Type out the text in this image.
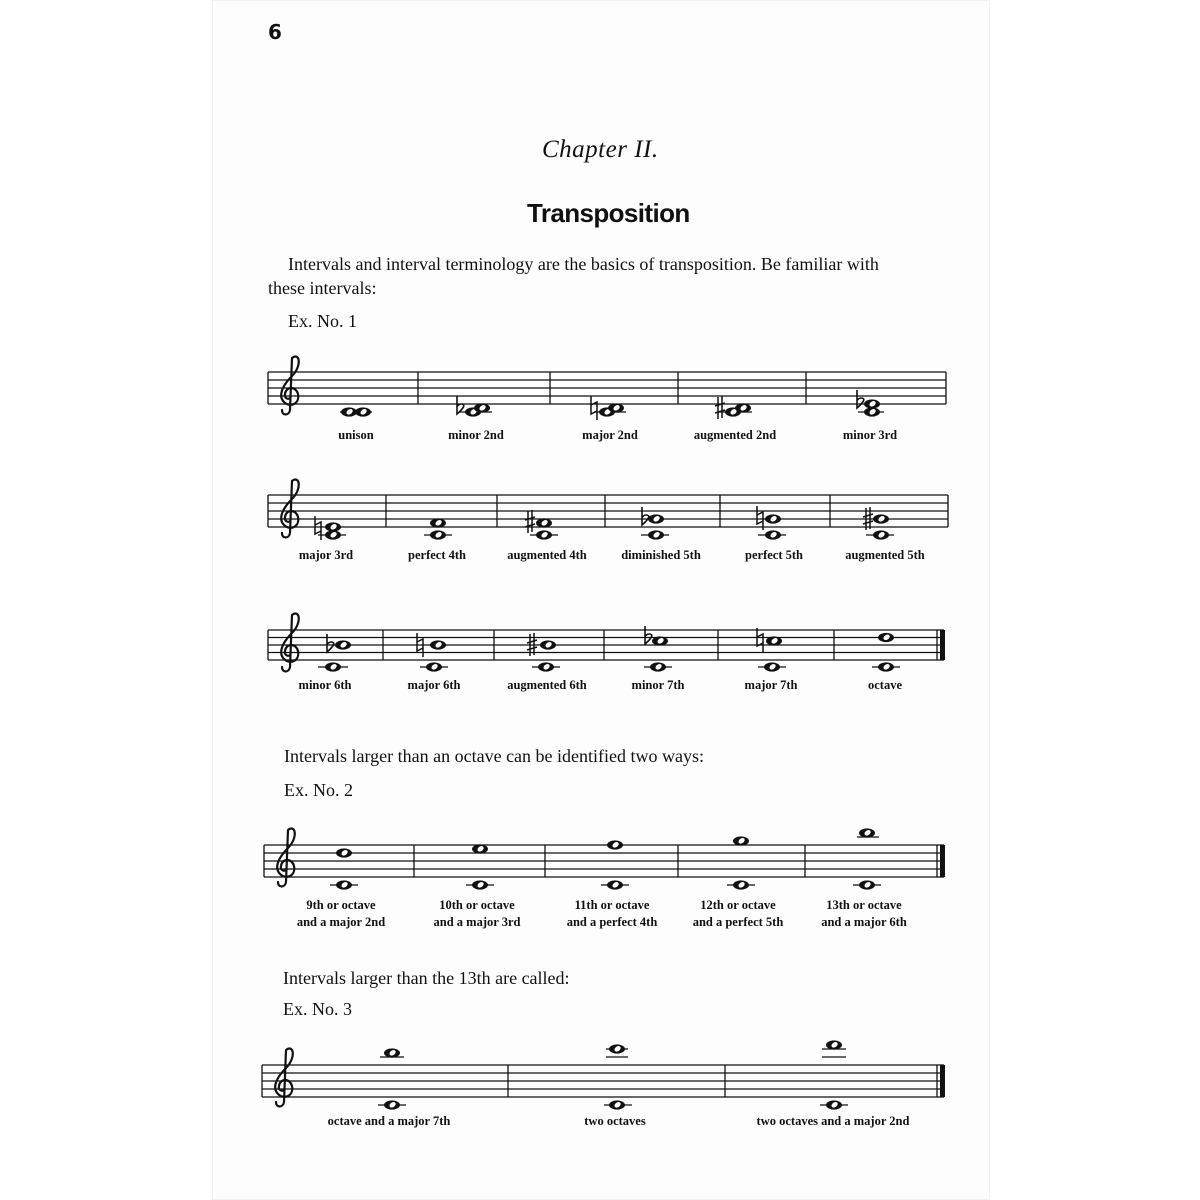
6
Chapter II.
Transposition
Intervals and interval terminology are the basics of transposition. Be familiar with
these intervals:
Ex. No. 1
unison	minor 2nd	major 2nd	augmented 2nd	minor 3rd
major 3rd	perfect 4th	augmented 4th	diminished 5th	perfect 5th	augmented 5th
minor 6th	major 6th	augmented 6th	minor 7th	major 7th	octave
Intervals larger than an octave can be identified two ways:
Ex. No. 2
9th or octave
and a major 2nd
10th or octave
and a major 3rd
11th or octave
and a perfect 4th
12th or octave
and a perfect 5th
13th or octave
and a major 6th
Intervals larger than the 13th are called:
Ex. No. 3
octave and a major 7th	two octaves	two octaves and a major 2nd
